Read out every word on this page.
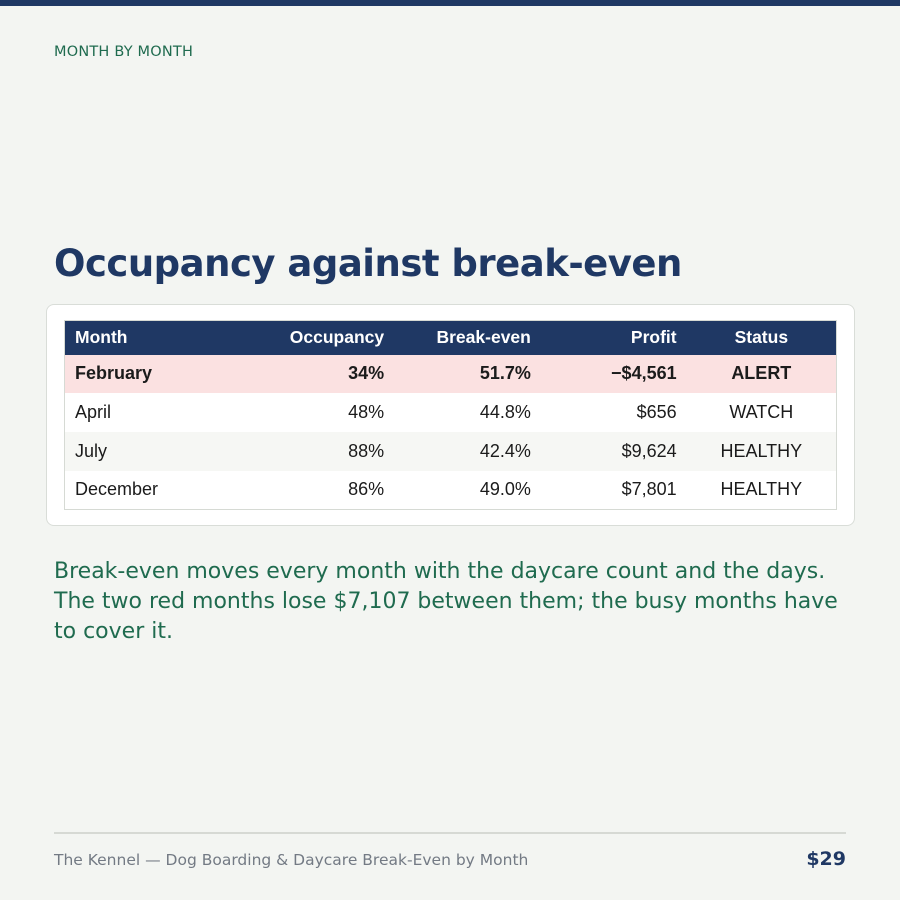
MONTH BY MONTH
Occupancy against break-even
Month	Occupancy	Break-even	Profit	Status
February	34%	51.7%	−$4,561	ALERT
April	48%	44.8%	$656	WATCH
July	88%	42.4%	$9,624	HEALTHY
December	86%	49.0%	$7,801	HEALTHY

Break-even moves every month with the daycare count and the days. The two red months lose $7,107 between them; the busy months have to cover it.

The Kennel — Dog Boarding & Daycare Break-Even by Month	$29
